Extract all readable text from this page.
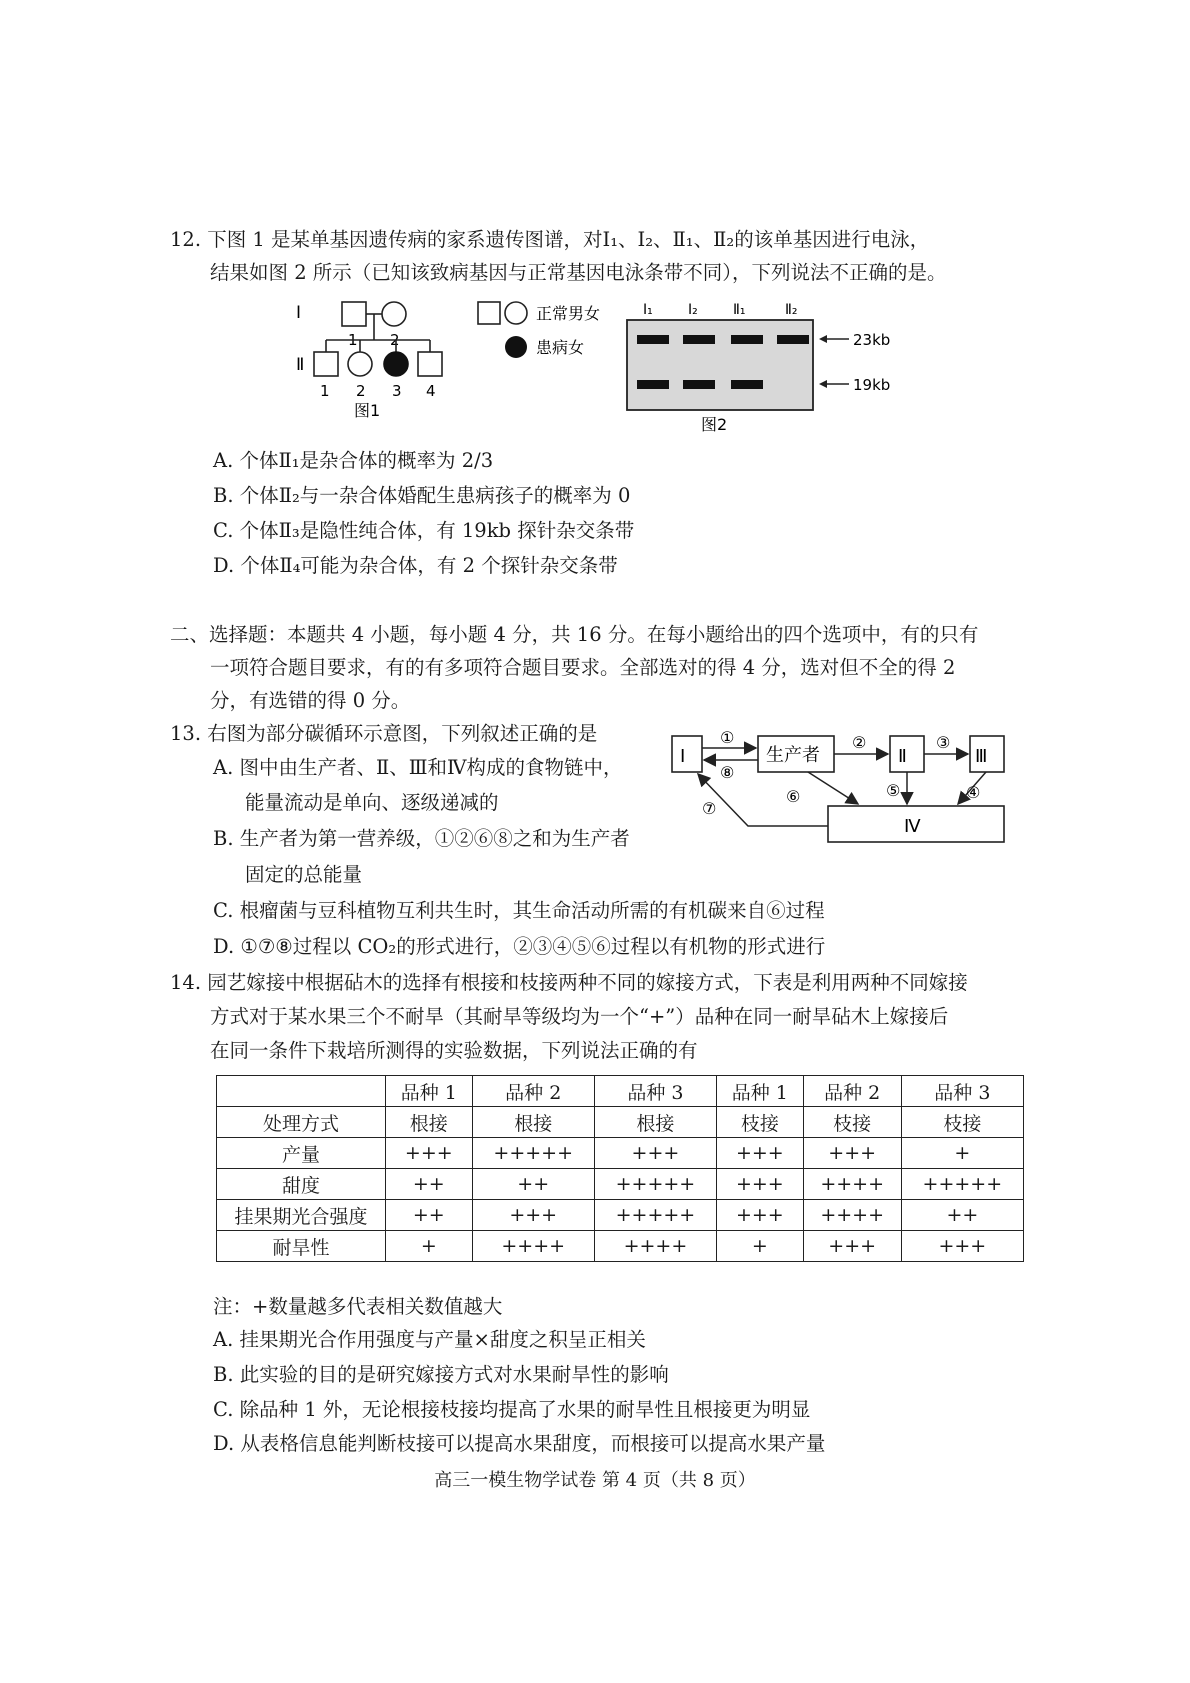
12. 下图 1 是某单基因遗传病的家系遗传图谱，对Ⅰ₁、Ⅰ₂、Ⅱ₁、Ⅱ₂的该单基因进行电泳，
结果如图 2 所示（已知该致病基因与正常基因电泳条带不同），下列说法不正确的是。
Ⅰ
1 2
Ⅱ
1 2 3 4
图1
正常男女
患病女
Ⅰ₁	Ⅰ₂	Ⅱ₁	Ⅱ₂
23kb
19kb
图2
A. 个体Ⅱ₁是杂合体的概率为 2/3
B. 个体Ⅱ₂与一杂合体婚配生患病孩子的概率为 0
C. 个体Ⅱ₃是隐性纯合体，有 19kb 探针杂交条带
D. 个体Ⅱ₄可能为杂合体，有 2 个探针杂交条带
二、选择题：本题共 4 小题，每小题 4 分，共 16 分。在每小题给出的四个选项中，有的只有
一项符合题目要求，有的有多项符合题目要求。全部选对的得 4 分，选对但不全的得 2
分，有选错的得 0 分。
13. 右图为部分碳循环示意图，下列叙述正确的是
A. 图中由生产者、Ⅱ、Ⅲ和Ⅳ构成的食物链中，
能量流动是单向、逐级递减的
B. 生产者为第一营养级，①②⑥⑧之和为生产者
固定的总能量
C. 根瘤菌与豆科植物互利共生时，其生命活动所需的有机碳来自⑥过程
D. ①⑦⑧过程以 CO₂的形式进行，②③④⑤⑥过程以有机物的形式进行
Ⅰ	生产者	Ⅱ	Ⅲ
Ⅳ
①
⑧
②	③
④
⑤
⑥
⑦
14. 园艺嫁接中根据砧木的选择有根接和枝接两种不同的嫁接方式，下表是利用两种不同嫁接
方式对于某水果三个不耐旱（其耐旱等级均为一个“+”）品种在同一耐旱砧木上嫁接后
在同一条件下栽培所测得的实验数据，下列说法正确的有
	品种 1	品种 2	品种 3	品种 1	品种 2	品种 3
处理方式	根接	根接	根接	枝接	枝接	枝接
产量	+++	+++++	+++	+++	+++	+
甜度	++	++	+++++	+++	++++	+++++
挂果期光合强度	++	+++	+++++	+++	++++	++
耐旱性	+	++++	++++	+	+++	+++
注：+数量越多代表相关数值越大
A. 挂果期光合作用强度与产量×甜度之积呈正相关
B. 此实验的目的是研究嫁接方式对水果耐旱性的影响
C. 除品种 1 外，无论根接枝接均提高了水果的耐旱性且根接更为明显
D. 从表格信息能判断枝接可以提高水果甜度，而根接可以提高水果产量
高三一模生物学试卷 第 4 页（共 8 页）
